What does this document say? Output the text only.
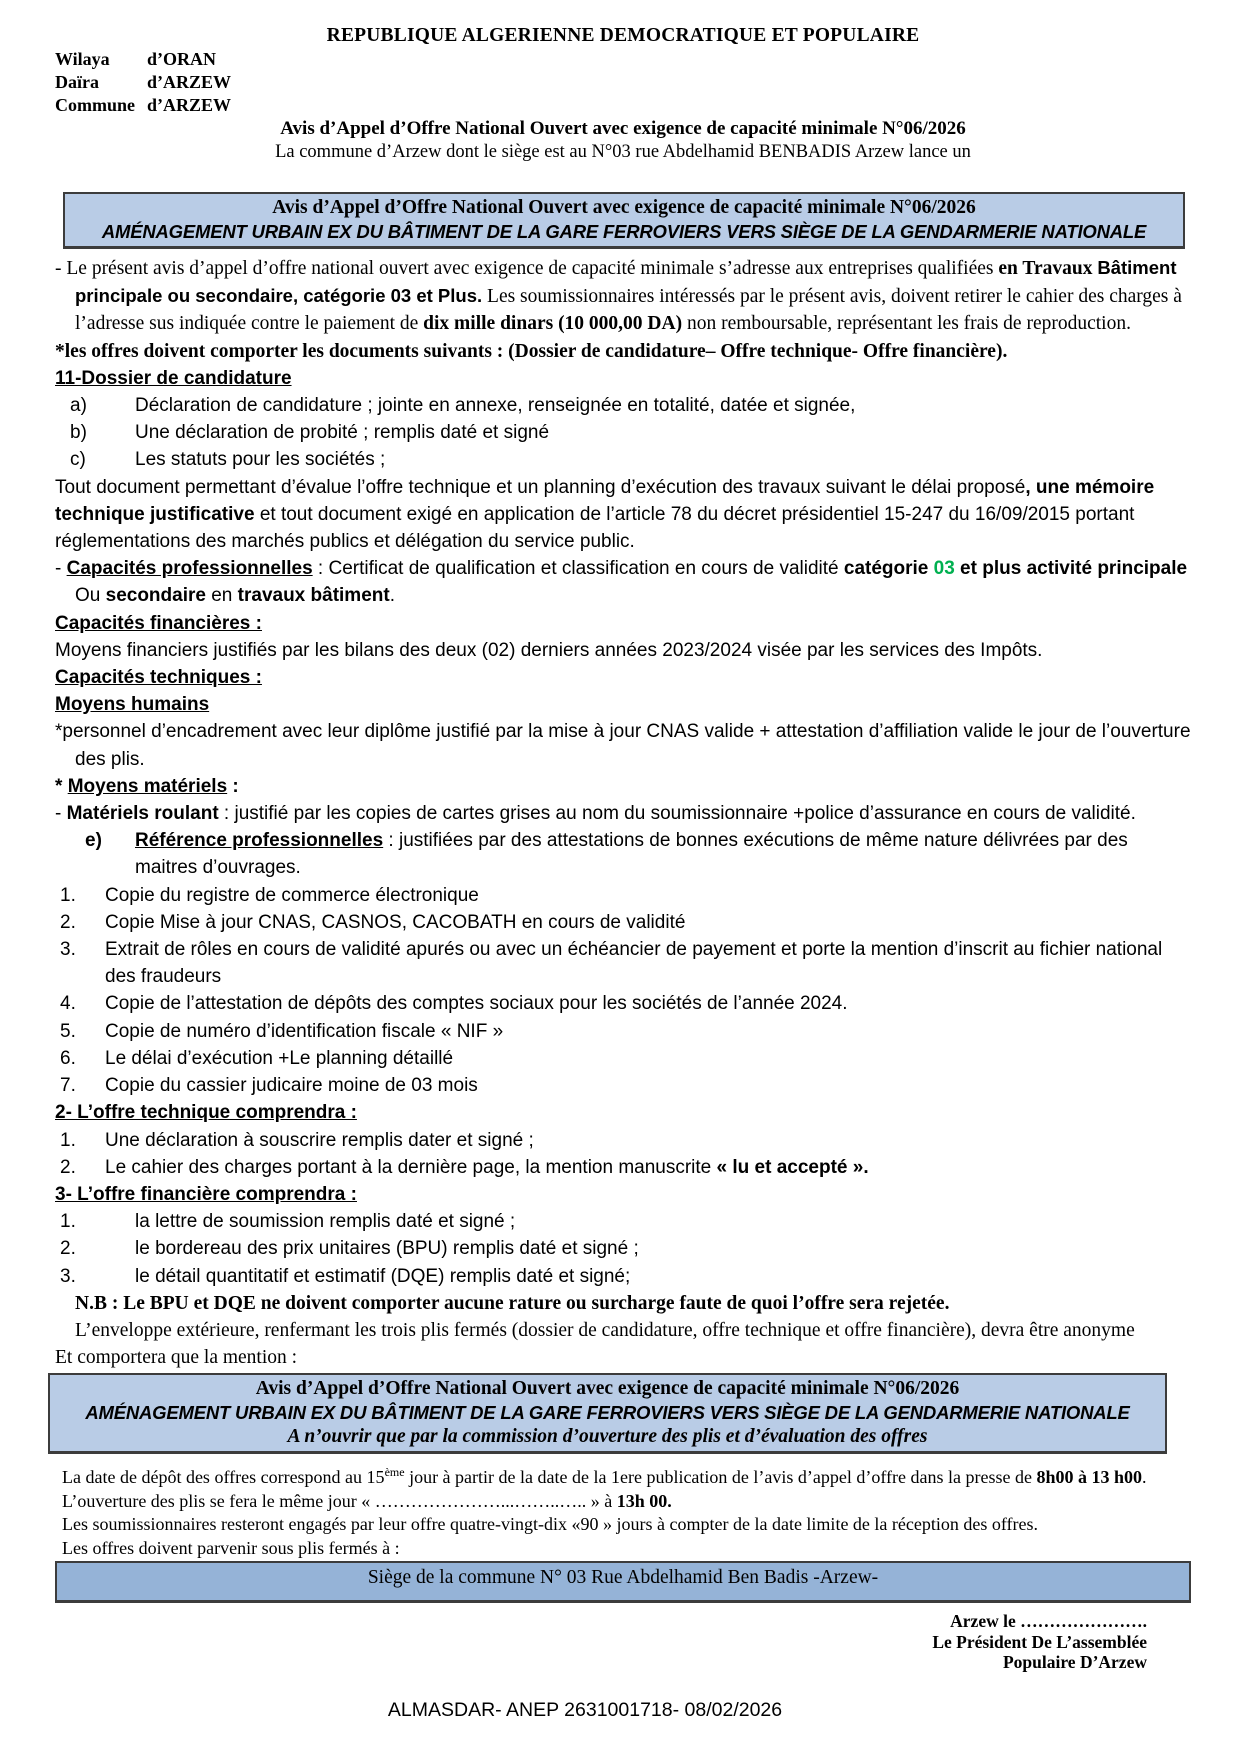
REPUBLIQUE ALGERIENNE DEMOCRATIQUE ET POPULAIRE
Wilaya	d’ORAN
Daïra	d’ARZEW
Commune d’ARZEW
Avis d’Appel d’Offre National Ouvert avec exigence de capacité minimale N°06/2026
La commune d’Arzew dont le siège est au N°03 rue Abdelhamid BENBADIS Arzew lance un
Avis d’Appel d’Offre National Ouvert avec exigence de capacité minimale N°06/2026
AMÉNAGEMENT URBAIN EX DU BÂTIMENT DE LA GARE FERROVIERS VERS SIÈGE DE LA GENDARMERIE NATIONALE

- Le présent avis d’appel d’offre national ouvert avec exigence de capacité minimale s’adresse aux entreprises qualifiées en Travaux Bâtiment principale ou secondaire, catégorie 03 et Plus. Les soumissionnaires intéressés par le présent avis, doivent retirer le cahier des charges à l’adresse sus indiquée contre le paiement de dix mille dinars (10 000,00 DA) non remboursable, représentant les frais de reproduction.

*les offres doivent comporter les documents suivants : (Dossier de candidature– Offre technique- Offre financière).

11-Dossier de candidature

a)	Déclaration de candidature ; jointe en annexe, renseignée en totalité, datée et signée,
b)	Une déclaration de probité ; remplis daté et signé
c)	Les statuts pour les sociétés ;

Tout document permettant d’évalue l’offre technique et un planning d’exécution des travaux suivant le délai proposé, une mémoire technique justificative et tout document exigé en application de l’article 78 du décret présidentiel 15-247 du 16/09/2015 portant réglementations des marchés publics et délégation du service public.

- Capacités professionnelles : Certificat de qualification et classification en cours de validité catégorie 03 et plus activité principale Ou secondaire en travaux bâtiment.

Capacités financières :

Moyens financiers justifiés par les bilans des deux (02) derniers années 2023/2024 visée par les services des Impôts.

Capacités techniques :

Moyens humains

*personnel d’encadrement avec leur diplôme justifié par la mise à jour CNAS valide + attestation d’affiliation valide le jour de l’ouverture des plis.

* Moyens matériels :

- Matériels roulant : justifié par les copies de cartes grises au nom du soumissionnaire +police d’assurance en cours de validité.

e)	Référence professionnelles : justifiées par des attestations de bonnes exécutions de même nature délivrées par des maitres d’ouvrages.
1.	Copie du registre de commerce électronique
2.	Copie Mise à jour CNAS, CASNOS, CACOBATH en cours de validité
3.	Extrait de rôles en cours de validité apurés ou avec un échéancier de payement et porte la mention d’inscrit au fichier national des fraudeurs
4.	Copie de l’attestation de dépôts des comptes sociaux pour les sociétés de l’année 2024.
5.	Copie de numéro d’identification fiscale « NIF »
6.	Le délai d’exécution +Le planning détaillé
7.	Copie du cassier judicaire moine de 03 mois

2- L’offre technique comprendra :

1.	Une déclaration à souscrire remplis dater et signé ;
2.	Le cahier des charges portant à la dernière page, la mention manuscrite « lu et accepté ».

3- L’offre financière comprendra :

1.	la lettre de soumission remplis daté et signé ;
2.	le bordereau des prix unitaires (BPU) remplis daté et signé ;
3.	le détail quantitatif et estimatif (DQE) remplis daté et signé;

N.B : Le BPU et DQE ne doivent comporter aucune rature ou surcharge faute de quoi l’offre sera rejetée.

L’enveloppe extérieure, renfermant les trois plis fermés (dossier de candidature, offre technique et offre financière), devra être anonyme

Et comportera que la mention :

Avis d’Appel d’Offre National Ouvert avec exigence de capacité minimale N°06/2026
AMÉNAGEMENT URBAIN EX DU BÂTIMENT DE LA GARE FERROVIERS VERS SIÈGE DE LA GENDARMERIE NATIONALE
A n’ouvrir que par la commission d’ouverture des plis et d’évaluation des offres

La date de dépôt des offres correspond au 15ème jour à partir de la date de la 1ere publication de l’avis d’appel d’offre dans la presse de 8h00 à 13 h00.

L’ouverture des plis se fera le même jour « …………………...……..….. » à 13h 00.

Les soumissionnaires resteront engagés par leur offre quatre-vingt-dix «90 » jours à compter de la date limite de la réception des offres.

Les offres doivent parvenir sous plis fermés à :

Siège de la commune N° 03 Rue Abdelhamid Ben Badis -Arzew-
Arzew le ………………….
Le Président De L’assemblée
Populaire D’Arzew
ALMASDAR- ANEP 2631001718- 08/02/2026
